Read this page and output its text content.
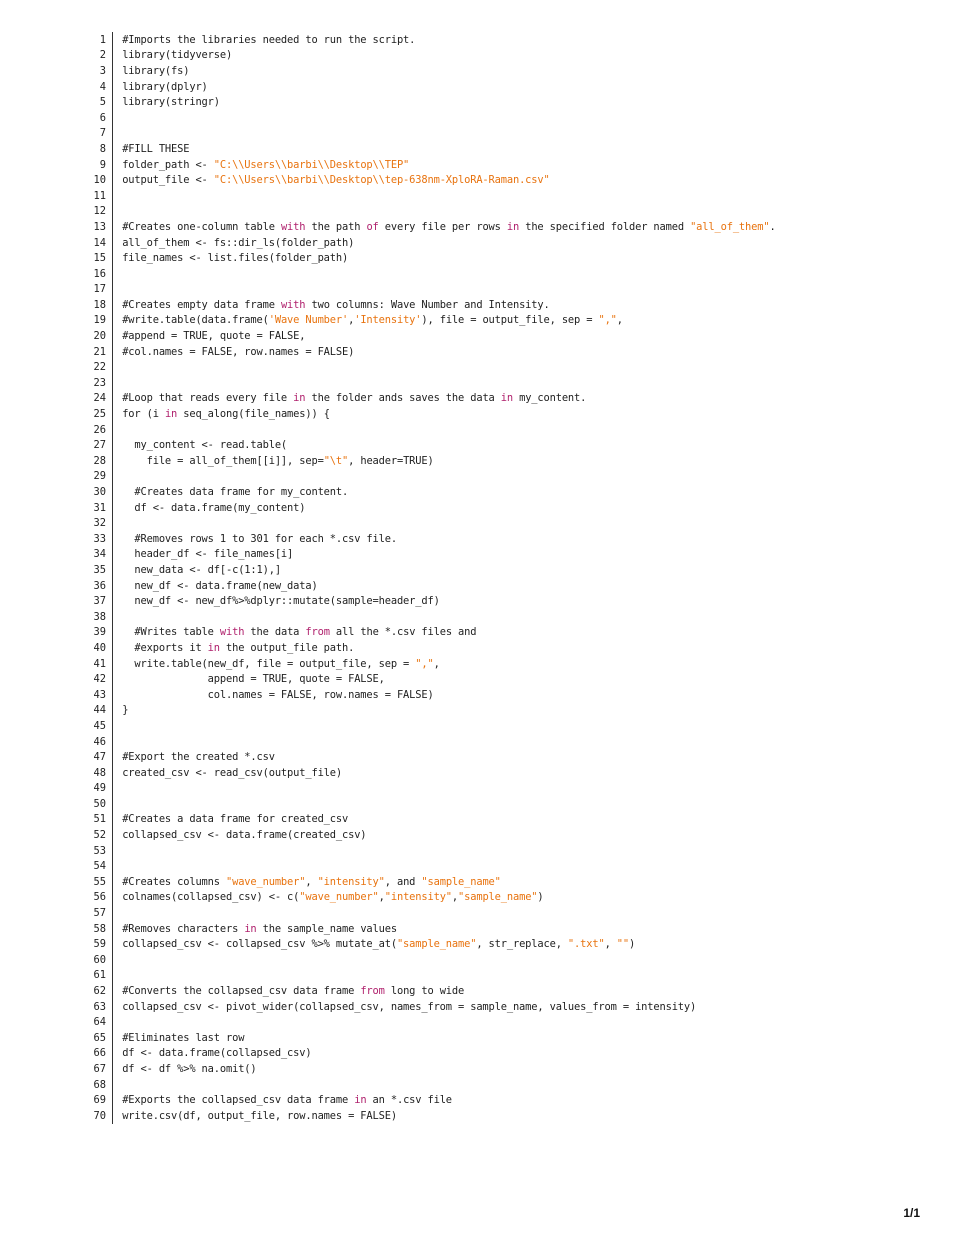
1	#Imports the libraries needed to run the script.
2	library(tidyverse)
3	library(fs)
4	library(dplyr)
5	library(stringr)
6
7
8	#FILL THESE
9	folder_path <- "C:\\Users\\barbi\\Desktop\\TEP"
10	output_file <- "C:\\Users\\barbi\\Desktop\\tep-638nm-XploRA-Raman.csv"
11
12
13	#Creates one-column table with the path of every file per rows in the specified folder named "all_of_them".
14	all_of_them <- fs::dir_ls(folder_path)
15	file_names <- list.files(folder_path)
16
17
18	#Creates empty data frame with two columns: Wave Number and Intensity.
19	#write.table(data.frame('Wave Number','Intensity'), file = output_file, sep = ",",
20	#append = TRUE, quote = FALSE,
21	#col.names = FALSE, row.names = FALSE)
22
23
24	#Loop that reads every file in the folder ands saves the data in my_content.
25	for (i in seq_along(file_names)) {
26
27	my_content <- read.table(
28	file = all_of_them[[i]], sep="\t", header=TRUE)
29
30	#Creates data frame for my_content.
31	df <- data.frame(my_content)
32
33	#Removes rows 1 to 301 for each *.csv file.
34	header_df <- file_names[i]
35	new_data <- df[-c(1:1),]
36	new_df <- data.frame(new_data)
37	new_df <- new_df%>%dplyr::mutate(sample=header_df)
38
39	#Writes table with the data from all the *.csv files and
40	#exports it in the output_file path.
41	write.table(new_df, file = output_file, sep = ",",
42	append = TRUE, quote = FALSE,
43	col.names = FALSE, row.names = FALSE)
44	}
45
46
47	#Export the created *.csv
48	created_csv <- read_csv(output_file)
49
50
51	#Creates a data frame for created_csv
52	collapsed_csv <- data.frame(created_csv)
53
54
55	#Creates columns "wave_number", "intensity", and "sample_name"
56	colnames(collapsed_csv) <- c("wave_number","intensity","sample_name")
57
58	#Removes characters in the sample_name values
59	collapsed_csv <- collapsed_csv %>% mutate_at("sample_name", str_replace, ".txt", "")
60
61
62	#Converts the collapsed_csv data frame from long to wide
63	collapsed_csv <- pivot_wider(collapsed_csv, names_from = sample_name, values_from = intensity)
64
65	#Eliminates last row
66	df <- data.frame(collapsed_csv)
67	df <- df %>% na.omit()
68
69	#Exports the collapsed_csv data frame in an *.csv file
70	write.csv(df, output_file, row.names = FALSE)
1/1
